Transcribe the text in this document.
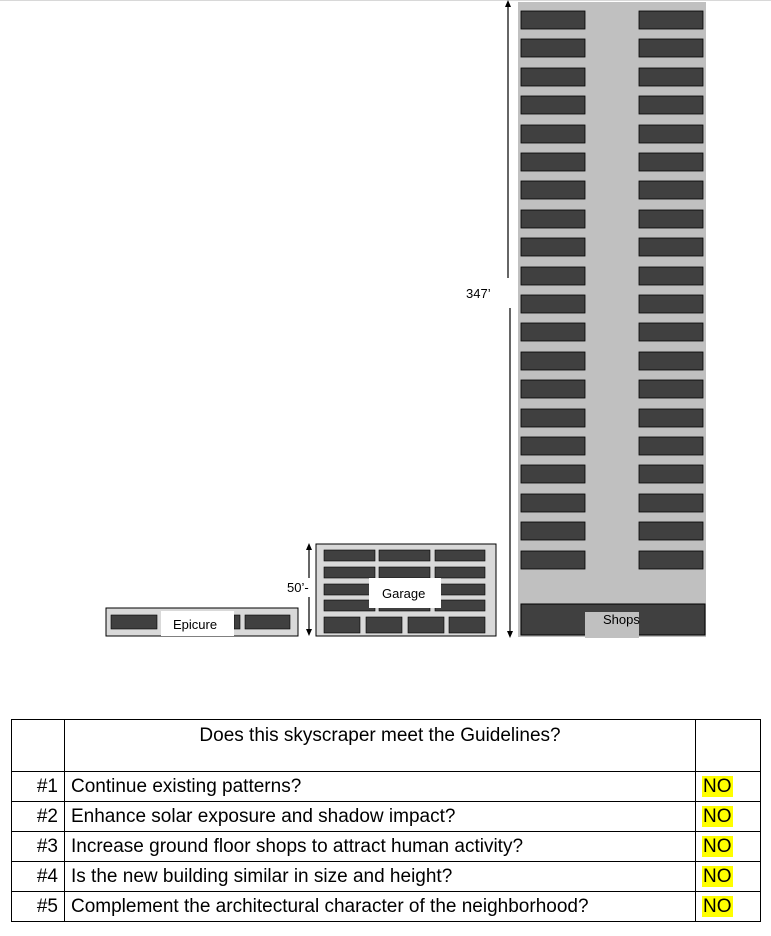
Shops
347’
Garage
50’-
Epicure
	Does this skyscraper meet the Guidelines?	
#1	Continue existing patterns?	NO
#2	Enhance solar exposure and shadow impact?	NO
#3	Increase ground floor shops to attract human activity?	NO
#4	Is the new building similar in size and height?	NO
#5	Complement the architectural character of the neighborhood?	NO
